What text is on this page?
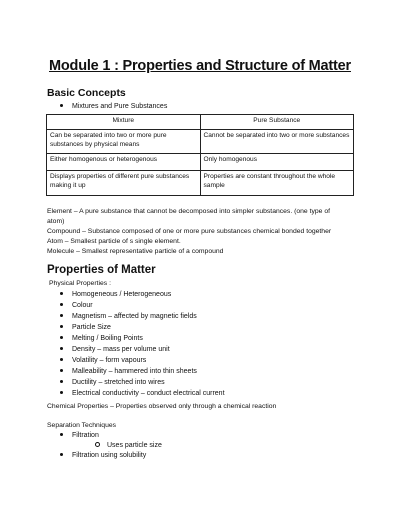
Module 1 : Properties and Structure of Matter
Basic Concepts
Mixtures and Pure Substances
Mixture	Pure Substance
Can be separated into two or more pure substances by physical means	Cannot be separated into two or more substances
Either homogenous or heterogenous	Only homogenous
Displays properties of different pure substances making it up	Properties are constant throughout the whole sample
Element – A pure substance that cannot be decomposed into simpler substances. (one type of
atom)
Compound – Substance composed of one or more pure substances chemical bonded together
Atom – Smallest particle of s single element.
Molecule – Smallest representative particle of a compound
Properties of Matter
Physical Properties :
Homogeneous / Heterogeneous
Colour
Magnetism – affected by magnetic fields
Particle Size
Melting / Boiling Points
Density – mass per volume unit
Volatility – form vapours
Malleability – hammered into thin sheets
Ductility – stretched into wires
Electrical conductivity – conduct electrical current
Chemical Properties – Properties observed only through a chemical reaction
Separation Techniques
Filtration
Uses particle size
Filtration using solubility
